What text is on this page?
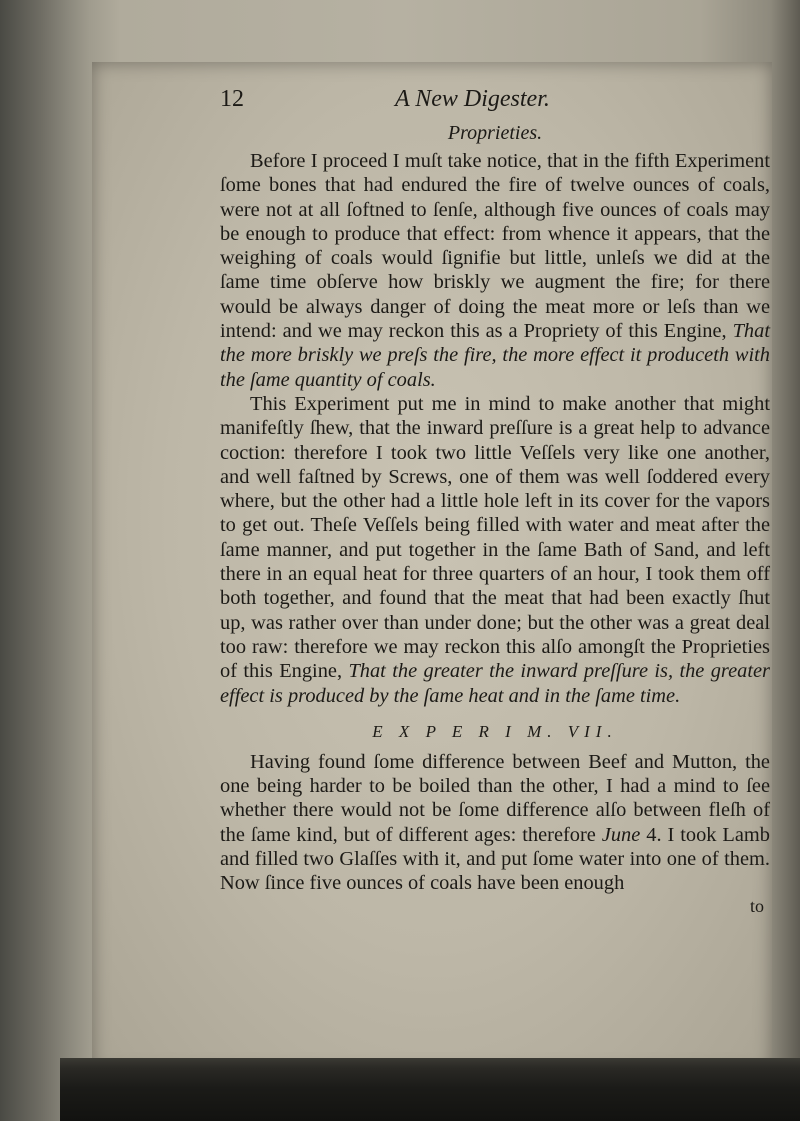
12	A New Digester.
Proprieties.

Before I proceed I muſt take notice, that in the fifth Experiment ſome bones that had endured the fire of twelve ounces of coals, were not at all ſoftned to ſenſe, although five ounces of coals may be enough to produce that effect: from whence it appears, that the weighing of coals would ſignifie but little, unleſs we did at the ſame time obſerve how briskly we augment the fire; for there would be always danger of doing the meat more or leſs than we intend: and we may reckon this as a Propriety of this Engine, That the more briskly we preſs the fire, the more effect it produceth with the ſame quantity of coals.

This Experiment put me in mind to make another that might manifeſtly ſhew, that the inward preſſure is a great help to advance coction: therefore I took two little Veſſels very like one another, and well faſtned by Screws, one of them was well ſoddered every where, but the other had a little hole left in its cover for the vapors to get out. Theſe Veſſels being filled with water and meat after the ſame manner, and put together in the ſame Bath of Sand, and left there in an equal heat for three quarters of an hour, I took them off both together, and found that the meat that had been exactly ſhut up, was rather over than under done; but the other was a great deal too raw: therefore we may reckon this alſo amongſt the Proprieties of this Engine, That the greater the inward preſſure is, the greater effect is produced by the ſame heat and in the ſame time.

E X P E R I M. VII.

Having found ſome difference between Beef and Mutton, the one being harder to be boiled than the other, I had a mind to ſee whether there would not be ſome difference alſo between fleſh of the ſame kind, but of different ages: therefore June 4. I took Lamb and filled two Glaſſes with it, and put ſome water into one of them. Now ſince five ounces of coals have been enough

to
